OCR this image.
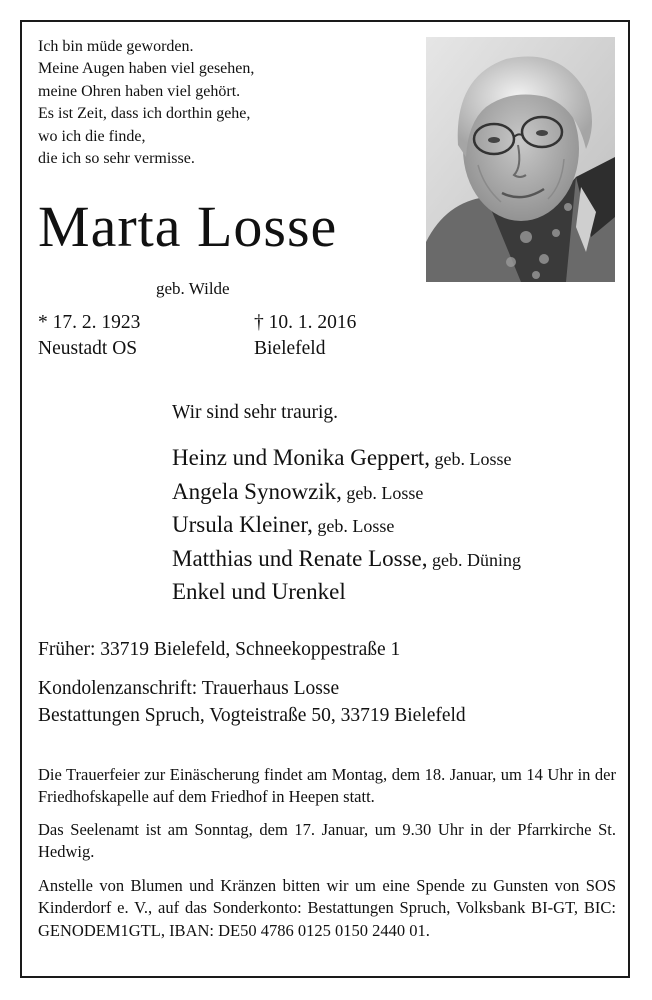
Ich bin müde geworden.
Meine Augen haben viel gesehen,
meine Ohren haben viel gehört.
Es ist Zeit, dass ich dorthin gehe,
wo ich die finde,
die ich so sehr vermisse.
Marta Losse
geb. Wilde
* 17. 2. 1923
Neustadt OS
† 10. 1. 2016
Bielefeld
Wir sind sehr traurig.
Heinz und Monika Geppert, geb. Losse
Angela Synowzik, geb. Losse
Ursula Kleiner, geb. Losse
Matthias und Renate Losse, geb. Düning
Enkel und Urenkel
Früher: 33719 Bielefeld, Schneekoppestraße 1
Kondolenzanschrift: Trauerhaus Losse
Bestattungen Spruch, Vogteistraße 50, 33719 Bielefeld
Die Trauerfeier zur Einäscherung findet am Montag, dem 18. Januar, um 14 Uhr in der Friedhofskapelle auf dem Friedhof in Heepen statt.
Das Seelenamt ist am Sonntag, dem 17. Januar, um 9.30 Uhr in der Pfarrkirche St. Hedwig.
Anstelle von Blumen und Kränzen bitten wir um eine Spende zu Gunsten von SOS Kinderdorf e. V., auf das Sonderkonto: Bestattungen Spruch, Volksbank BI-GT, BIC: GENODEM1GTL, IBAN: DE50 4786 0125 0150 2440 01.
